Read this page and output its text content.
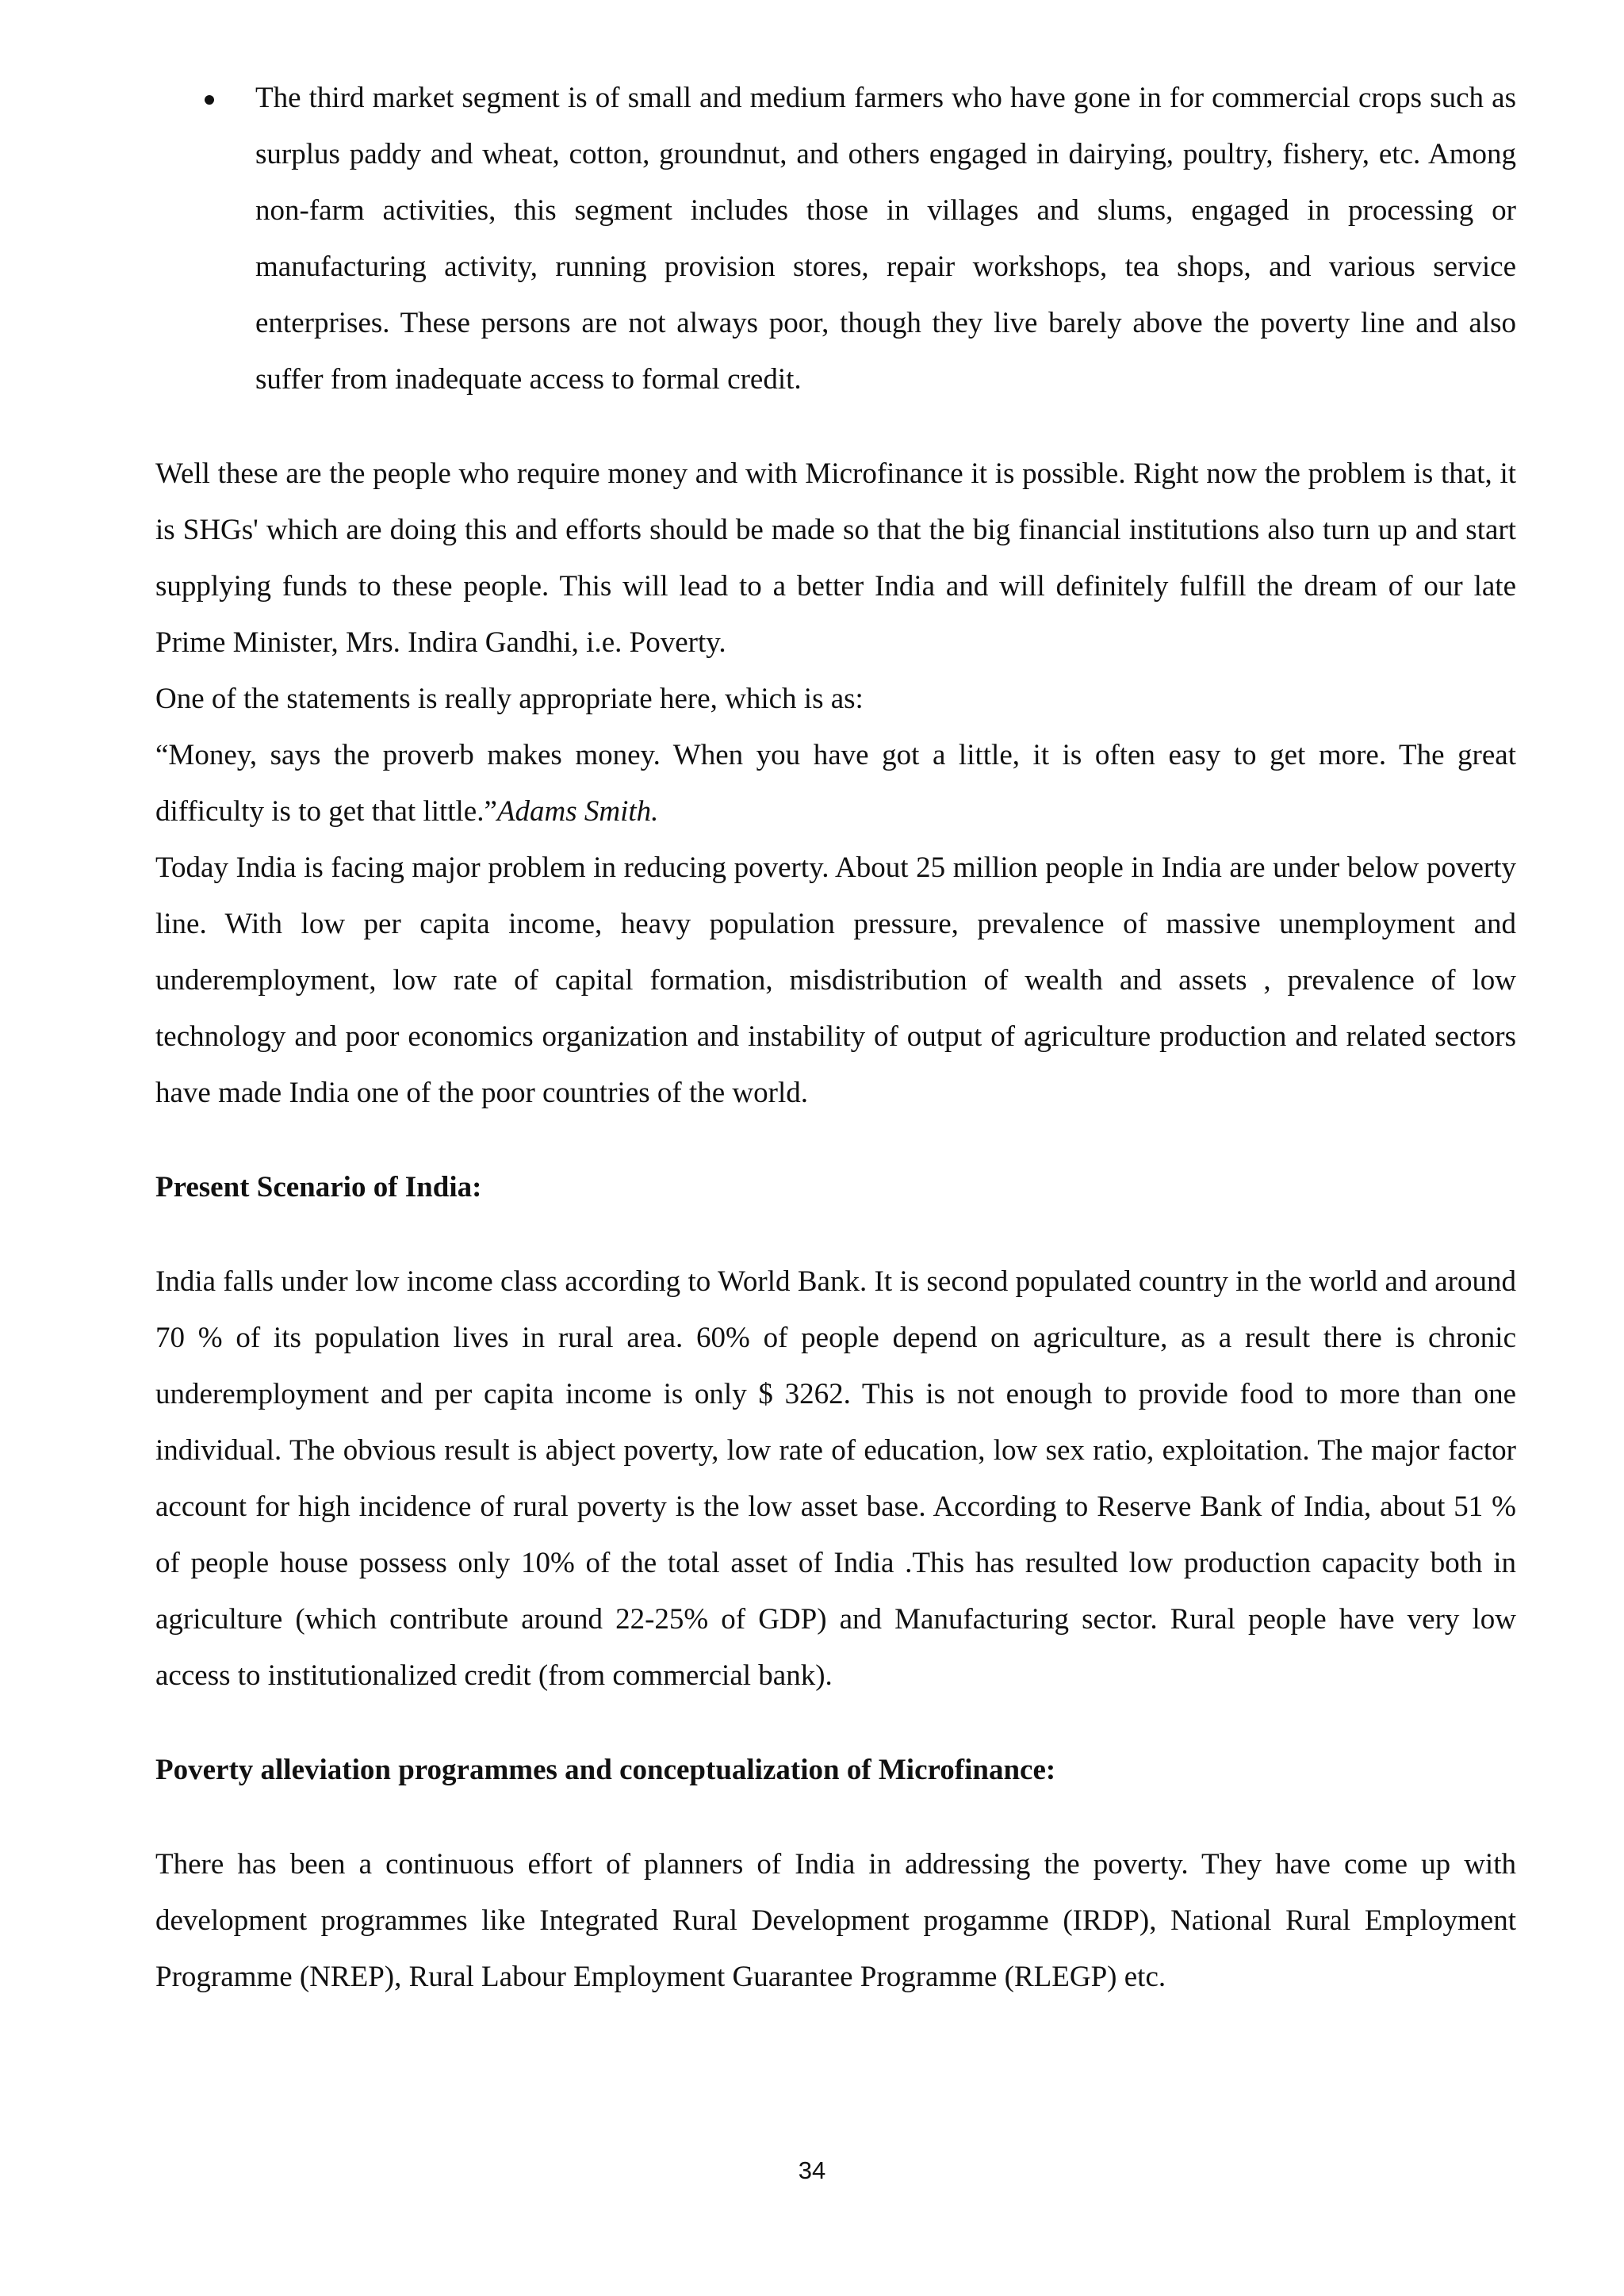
The third market segment is of small and medium farmers who have gone in for commercial crops such as surplus paddy and wheat, cotton, groundnut, and others engaged in dairying, poultry, fishery, etc. Among non-farm activities, this segment includes those in villages and slums, engaged in processing or manufacturing activity, running provision stores, repair workshops, tea shops, and various service enterprises. These persons are not always poor, though they live barely above the poverty line and also suffer from inadequate access to formal credit.

Well these are the people who require money and with Microfinance it is possible. Right now the problem is that, it is SHGs' which are doing this and efforts should be made so that the big financial institutions also turn up and start supplying funds to these people. This will lead to a better India and will definitely fulfill the dream of our late Prime Minister, Mrs. Indira Gandhi, i.e. Poverty.

One of the statements is really appropriate here, which is as:

“Money, says the proverb makes money. When you have got a little, it is often easy to get more. The great difficulty is to get that little.”Adams Smith.

Today India is facing major problem in reducing poverty. About 25 million people in India are under below poverty line. With low per capita income, heavy population pressure, prevalence of massive unemployment and underemployment, low rate of capital formation, misdistribution of wealth and assets , prevalence of low technology and poor economics organization and instability of output of agriculture production and related sectors have made India one of the poor countries of the world.

Present Scenario of India:

India falls under low income class according to World Bank. It is second populated country in the world and around 70 % of its population lives in rural area. 60% of people depend on agriculture, as a result there is chronic underemployment and per capita income is only $ 3262. This is not enough to provide food to more than one individual. The obvious result is abject poverty, low rate of education, low sex ratio, exploitation. The major factor account for high incidence of rural poverty is the low asset base. According to Reserve Bank of India, about 51 % of people house possess only 10% of the total asset of India .This has resulted low production capacity both in agriculture (which contribute around 22-25% of GDP) and Manufacturing sector. Rural people have very low access to institutionalized credit (from commercial bank).

Poverty alleviation programmes and conceptualization of Microfinance:

There has been a continuous effort of planners of India in addressing the poverty. They have come up with development programmes like Integrated Rural Development progamme (IRDP), National Rural Employment Programme (NREP), Rural Labour Employment Guarantee Programme (RLEGP) etc.

34
